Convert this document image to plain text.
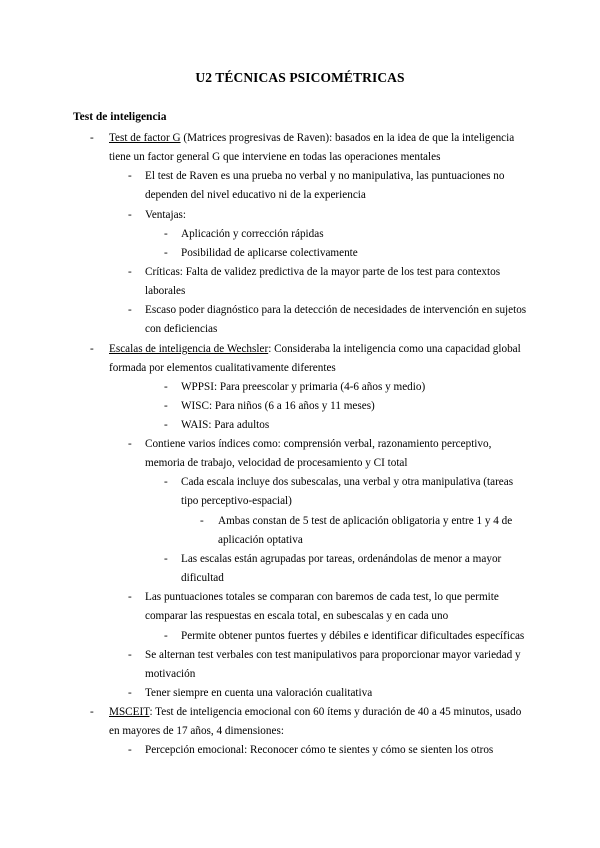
U2 TÉCNICAS PSICOMÉTRICAS
Test de inteligencia
- Test de factor G (Matrices progresivas de Raven): basados en la idea de que la inteligencia
tiene un factor general G que interviene en todas las operaciones mentales
- El test de Raven es una prueba no verbal y no manipulativa, las puntuaciones no
dependen del nivel educativo ni de la experiencia
- Ventajas:
- Aplicación y corrección rápidas
- Posibilidad de aplicarse colectivamente
- Críticas: Falta de validez predictiva de la mayor parte de los test para contextos
laborales
- Escaso poder diagnóstico para la detección de necesidades de intervención en sujetos
con deficiencias
- Escalas de inteligencia de Wechsler: Consideraba la inteligencia como una capacidad global
formada por elementos cualitativamente diferentes
- WPPSI: Para preescolar y primaria (4-6 años y medio)
- WISC: Para niños (6 a 16 años y 11 meses)
- WAIS: Para adultos
- Contiene varios índices como: comprensión verbal, razonamiento perceptivo,
memoria de trabajo, velocidad de procesamiento y CI total
- Cada escala incluye dos subescalas, una verbal y otra manipulativa (tareas
tipo perceptivo-espacial)
- Ambas constan de 5 test de aplicación obligatoria y entre 1 y 4 de
aplicación optativa
- Las escalas están agrupadas por tareas, ordenándolas de menor a mayor
dificultad
- Las puntuaciones totales se comparan con baremos de cada test, lo que permite
comparar las respuestas en escala total, en subescalas y en cada uno
- Permite obtener puntos fuertes y débiles e identificar dificultades específicas
- Se alternan test verbales con test manipulativos para proporcionar mayor variedad y
motivación
- Tener siempre en cuenta una valoración cualitativa
- MSCEIT: Test de inteligencia emocional con 60 ítems y duración de 40 a 45 minutos, usado
en mayores de 17 años, 4 dimensiones:
- Percepción emocional: Reconocer cómo te sientes y cómo se sienten los otros
